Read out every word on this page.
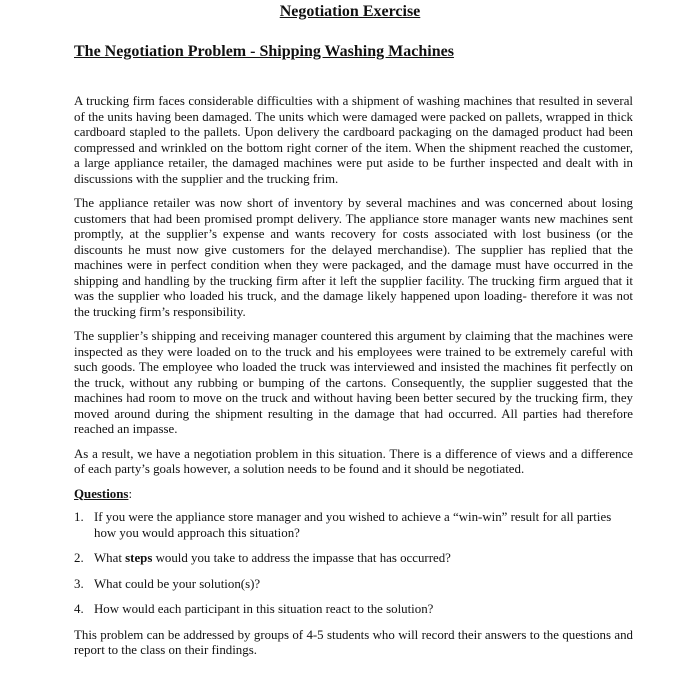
Negotiation Exercise
The Negotiation Problem - Shipping Washing Machines

A trucking firm faces considerable difficulties with a shipment of washing machines that resulted in several of the units having been damaged. The units which were damaged were packed on pallets, wrapped in thick cardboard stapled to the pallets. Upon delivery the cardboard packaging on the damaged product had been compressed and wrinkled on the bottom right corner of the item. When the shipment reached the customer, a large appliance retailer, the damaged machines were put aside to be further inspected and dealt with in discussions with the supplier and the trucking frim.

The appliance retailer was now short of inventory by several machines and was concerned about losing customers that had been promised prompt delivery. The appliance store manager wants new machines sent promptly, at the supplier’s expense and wants recovery for costs associated with lost business (or the discounts he must now give customers for the delayed merchandise). The supplier has replied that the machines were in perfect condition when they were packaged, and the damage must have occurred in the shipping and handling by the trucking firm after it left the supplier facility. The trucking firm argued that it was the supplier who loaded his truck, and the damage likely happened upon loading- therefore it was not the trucking firm’s responsibility.

The supplier’s shipping and receiving manager countered this argument by claiming that the machines were inspected as they were loaded on to the truck and his employees were trained to be extremely careful with such goods. The employee who loaded the truck was interviewed and insisted the machines fit perfectly on the truck, without any rubbing or bumping of the cartons. Consequently, the supplier suggested that the machines had room to move on the truck and without having been better secured by the trucking firm, they moved around during the shipment resulting in the damage that had occurred. All parties had therefore reached an impasse.

As a result, we have a negotiation problem in this situation. There is a difference of views and a difference of each party’s goals however, a solution needs to be found and it should be negotiated.

Questions:

1. If you were the appliance store manager and you wished to achieve a “win-win” result for all parties how you would approach this situation?
2. What steps would you take to address the impasse that has occurred?
3. What could be your solution(s)?
4. How would each participant in this situation react to the solution?

This problem can be addressed by groups of 4-5 students who will record their answers to the questions and report to the class on their findings.
